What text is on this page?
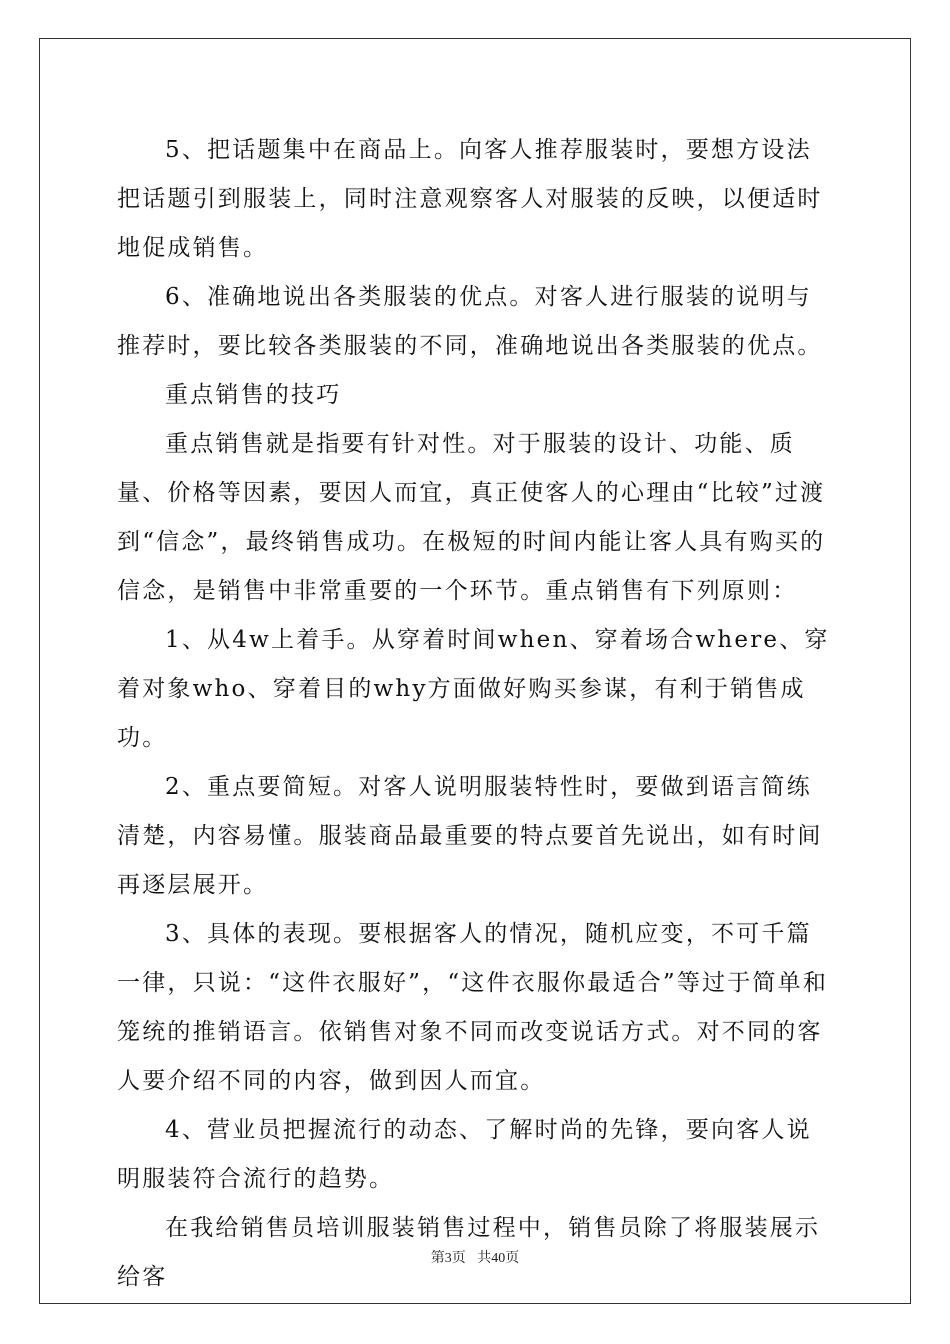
5、把话题集中在商品上。向客人推荐服装时，要想方设法把话题引到服装上，同时注意观察客人对服装的反映，以便适时地促成销售。

6、准确地说出各类服装的优点。对客人进行服装的说明与推荐时，要比较各类服装的不同，准确地说出各类服装的优点。

重点销售的技巧

重点销售就是指要有针对性。对于服装的设计、功能、质量、价格等因素，要因人而宜，真正使客人的心理由“比较”过渡到“信念”，最终销售成功。在极短的时间内能让客人具有购买的信念，是销售中非常重要的一个环节。重点销售有下列原则：

1、从4w上着手。从穿着时间when、穿着场合where、穿着对象who、穿着目的why方面做好购买参谋，有利于销售成功。

2、重点要简短。对客人说明服装特性时，要做到语言简练清楚，内容易懂。服装商品最重要的特点要首先说出，如有时间再逐层展开。

3、具体的表现。要根据客人的情况，随机应变，不可千篇一律，只说：“这件衣服好”，“这件衣服你最适合”等过于简单和笼统的推销语言。依销售对象不同而改变说话方式。对不同的客人要介绍不同的内容，做到因人而宜。

4、营业员把握流行的动态、了解时尚的先锋，要向客人说明服装符合流行的趋势。

在我给销售员培训服装销售过程中，销售员除了将服装展示给客

第3页 共40页
